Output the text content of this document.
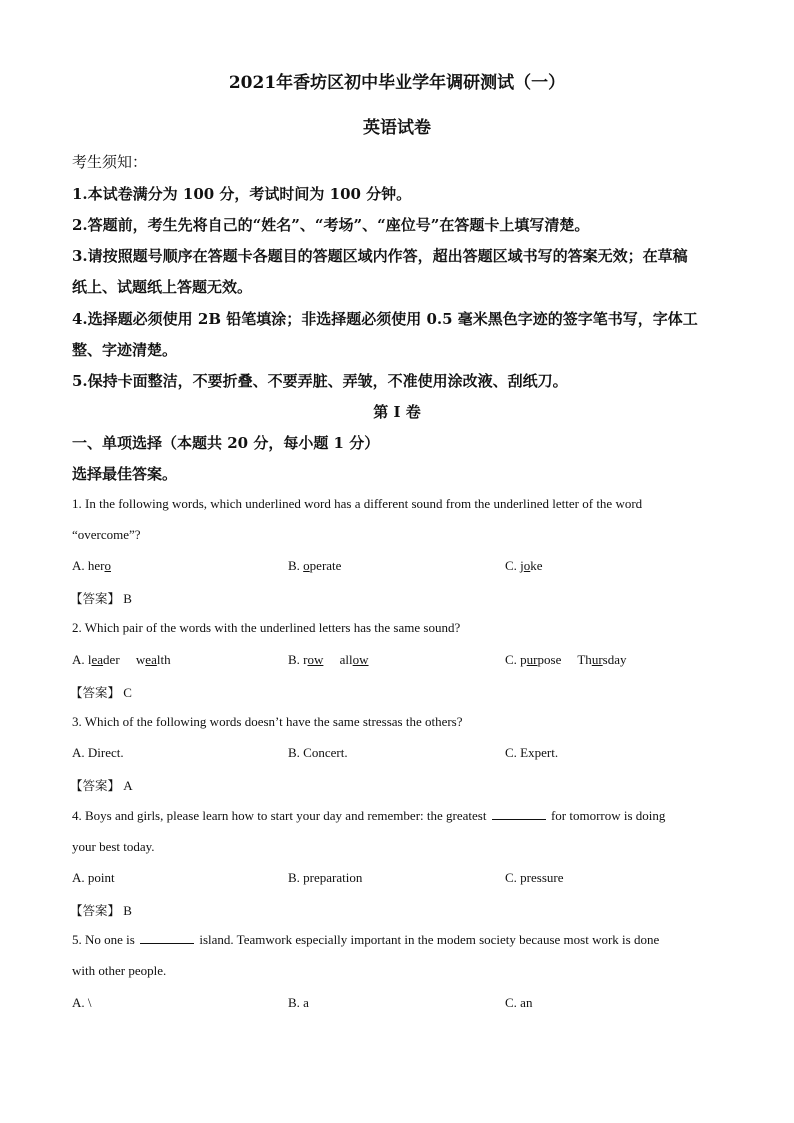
2021年香坊区初中毕业学年调研测试（一）
英语试卷
考生须知：
1.本试卷满分为 100 分，考试时间为 100 分钟。
2.答题前，考生先将自己的“姓名”、“考场”、“座位号”在答题卡上填写清楚。
3.请按照题号顺序在答题卡各题目的答题区域内作答，超出答题区域书写的答案无效；在草稿
纸上、试题纸上答题无效。
4.选择题必须使用 2B 铅笔填涂；非选择题必须使用 0.5 毫米黑色字迹的签字笔书写，字体工
整、字迹清楚。
5.保持卡面整洁，不要折叠、不要弄脏、弄皱，不准使用涂改液、刮纸刀。
第 I 卷
一、单项选择（本题共 20 分，每小题 1 分）
选择最佳答案。
1. In the following words, which underlined word has a different sound from the underlined letter of the word
“overcome”?
A. hero	B. operate	C. joke
【答案】 B
2. Which pair of the words with the underlined letters has the same sound?
A. leader     wealth	B. row     allow	C. purpose     Thursday
【答案】 C
3. Which of the following words doesn’t have the same stressas the others?
A. Direct.	B. Concert.	C. Expert.
【答案】 A
4. Boys and girls, please learn how to start your day and remember: the greatest	for tomorrow is doing
your best today.
A. point	B. preparation	C. pressure
【答案】 B
5. No one is	island. Teamwork especially important in the modem society because most work is done
with other people.
A. \	B. a	C. an
